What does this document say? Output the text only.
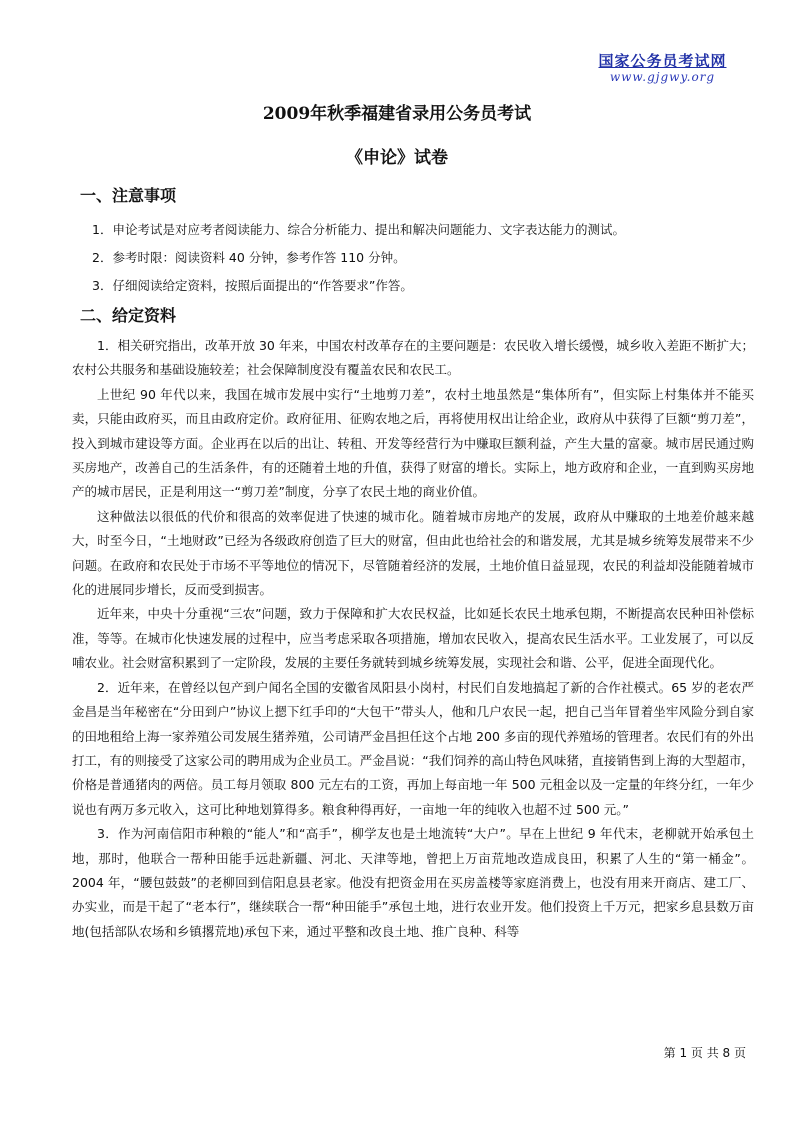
国家公务员考试网
www.gjgwy.org
2009年秋季福建省录用公务员考试
《申论》试卷
一、注意事项
1．申论考试是对应考者阅读能力、综合分析能力、提出和解决问题能力、文字表达能力的测试。
2．参考时限：阅读资料 40 分钟，参考作答 110 分钟。
3．仔细阅读给定资料，按照后面提出的“作答要求”作答。
二、给定资料

1．相关研究指出，改革开放 30 年来，中国农村改革存在的主要问题是：农民收入增长缓慢，城乡收入差距不断扩大；农村公共服务和基础设施较差；社会保障制度没有覆盖农民和农民工。

上世纪 90 年代以来，我国在城市发展中实行“土地剪刀差”，农村土地虽然是“集体所有”，但实际上村集体并不能买卖，只能由政府买，而且由政府定价。政府征用、征购农地之后，再将使用权出让给企业，政府从中获得了巨额“剪刀差”，投入到城市建设等方面。企业再在以后的出让、转租、开发等经营行为中赚取巨额利益，产生大量的富豪。城市居民通过购买房地产，改善自己的生活条件，有的还随着土地的升值，获得了财富的增长。实际上，地方政府和企业，一直到购买房地产的城市居民，正是利用这一“剪刀差”制度，分享了农民土地的商业价值。

这种做法以很低的代价和很高的效率促进了快速的城市化。随着城市房地产的发展，政府从中赚取的土地差价越来越大，时至今日，“土地财政”已经为各级政府创造了巨大的财富，但由此也给社会的和谐发展，尤其是城乡统筹发展带来不少问题。在政府和农民处于市场不平等地位的情况下，尽管随着经济的发展，土地价值日益显现，农民的利益却没能随着城市化的进展同步增长，反而受到损害。

近年来，中央十分重视“三农”问题，致力于保障和扩大农民权益，比如延长农民土地承包期，不断提高农民种田补偿标准，等等。在城市化快速发展的过程中，应当考虑采取各项措施，增加农民收入，提高农民生活水平。工业发展了，可以反哺农业。社会财富积累到了一定阶段，发展的主要任务就转到城乡统筹发展，实现社会和谐、公平，促进全面现代化。

2．近年来，在曾经以包产到户闻名全国的安徽省凤阳县小岗村，村民们自发地搞起了新的合作社模式。65 岁的老农严金昌是当年秘密在“分田到户”协议上摁下红手印的“大包干”带头人，他和几户农民一起，把自己当年冒着坐牢风险分到自家的田地租给上海一家养殖公司发展生猪养殖，公司请严金昌担任这个占地 200 多亩的现代养殖场的管理者。农民们有的外出打工，有的则接受了这家公司的聘用成为企业员工。严金昌说：“我们饲养的高山特色风味猪，直接销售到上海的大型超市，价格是普通猪肉的两倍。员工每月领取 800 元左右的工资，再加上每亩地一年 500 元租金以及一定量的年终分红，一年少说也有两万多元收入，这可比种地划算得多。粮食种得再好，一亩地一年的纯收入也超不过 500 元。”

3．作为河南信阳市种粮的“能人”和“高手”，柳学友也是土地流转“大户”。早在上世纪 9 年代末，老柳就开始承包土地，那时，他联合一帮种田能手远赴新疆、河北、天津等地，曾把上万亩荒地改造成良田，积累了人生的“第一桶金”。2004 年，“腰包鼓鼓”的老柳回到信阳息县老家。他没有把资金用在买房盖楼等家庭消费上，也没有用来开商店、建工厂、办实业，而是干起了“老本行”，继续联合一帮“种田能手”承包土地，进行农业开发。他们投资上千万元，把家乡息县数万亩地(包括部队农场和乡镇撂荒地)承包下来，通过平整和改良土地、推广良种、科等

第 1 页 共 8 页
